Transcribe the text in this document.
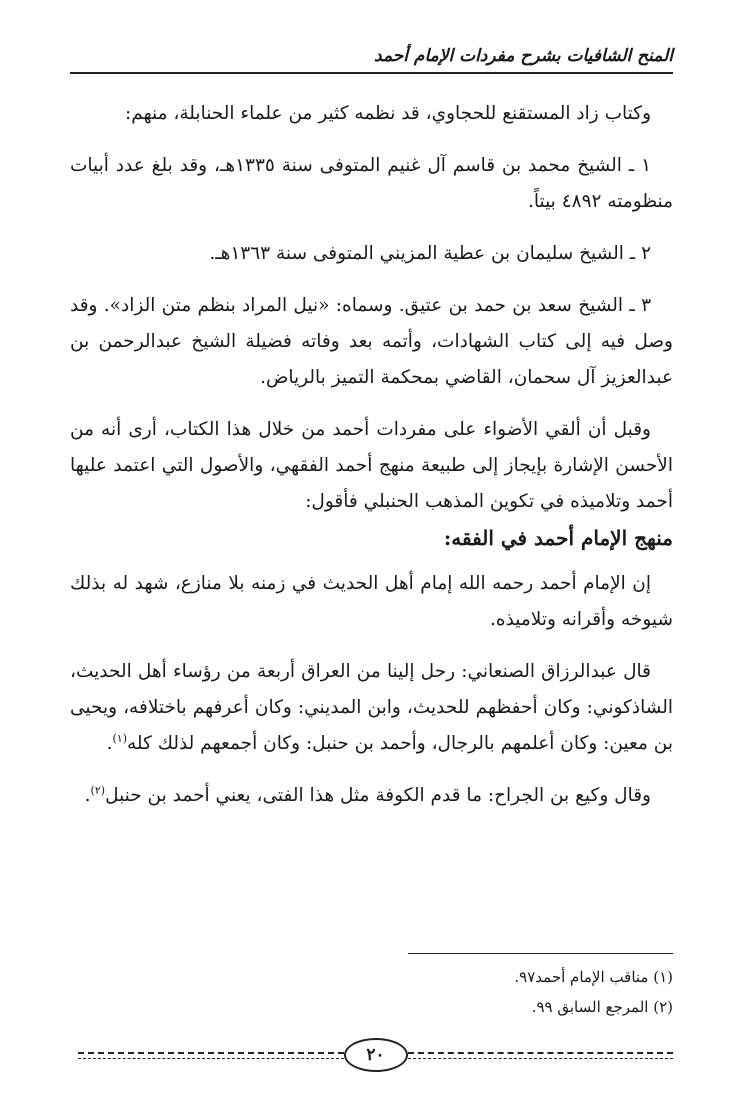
المنح الشافيات بشرح مفردات الإمام أحمد

وكتاب زاد المستقنع للحجاوي، قد نظمه كثير من علماء الحنابلة، منهم:

١ ـ الشيخ محمد بن قاسم آل غنيم المتوفى سنة ١٣٣٥هـ، وقد بلغ عدد أبيات منظومته ٤٨٩٢ بيتاً.

٢ ـ الشيخ سليمان بن عطية المزيني المتوفى سنة ١٣٦٣هـ.

٣ ـ الشيخ سعد بن حمد بن عتيق. وسماه: «نيل المراد بنظم متن الزاد». وقد وصل فيه إلى كتاب الشهادات، وأتمه بعد وفاته فضيلة الشيخ عبدالرحمن بن عبدالعزيز آل سحمان، القاضي بمحكمة التميز بالرياض.

وقبل أن ألقي الأضواء على مفردات أحمد من خلال هذا الكتاب، أرى أنه من الأحسن الإشارة بإيجاز إلى طبيعة منهج أحمد الفقهي، والأصول التي اعتمد عليها أحمد وتلاميذه في تكوين المذهب الحنبلي فأقول:

منهج الإمام أحمد في الفقه:

إن الإمام أحمد رحمه الله إمام أهل الحديث في زمنه بلا منازع، شهد له بذلك شيوخه وأقرانه وتلاميذه.

قال عبدالرزاق الصنعاني: رحل إلينا من العراق أربعة من رؤساء أهل الحديث، الشاذكوني: وكان أحفظهم للحديث، وابن المديني: وكان أعرفهم باختلافه، ويحيى بن معين: وكان أعلمهم بالرجال، وأحمد بن حنبل: وكان أجمعهم لذلك كله$^{(١)}$.

وقال وكيع بن الجراح: ما قدم الكوفة مثل هذا الفتى، يعني أحمد بن حنبل$^{(٢)}$.

(١) مناقب الإمام أحمد٩٧.
(٢) المرجع السابق ٩٩.
٢٠
